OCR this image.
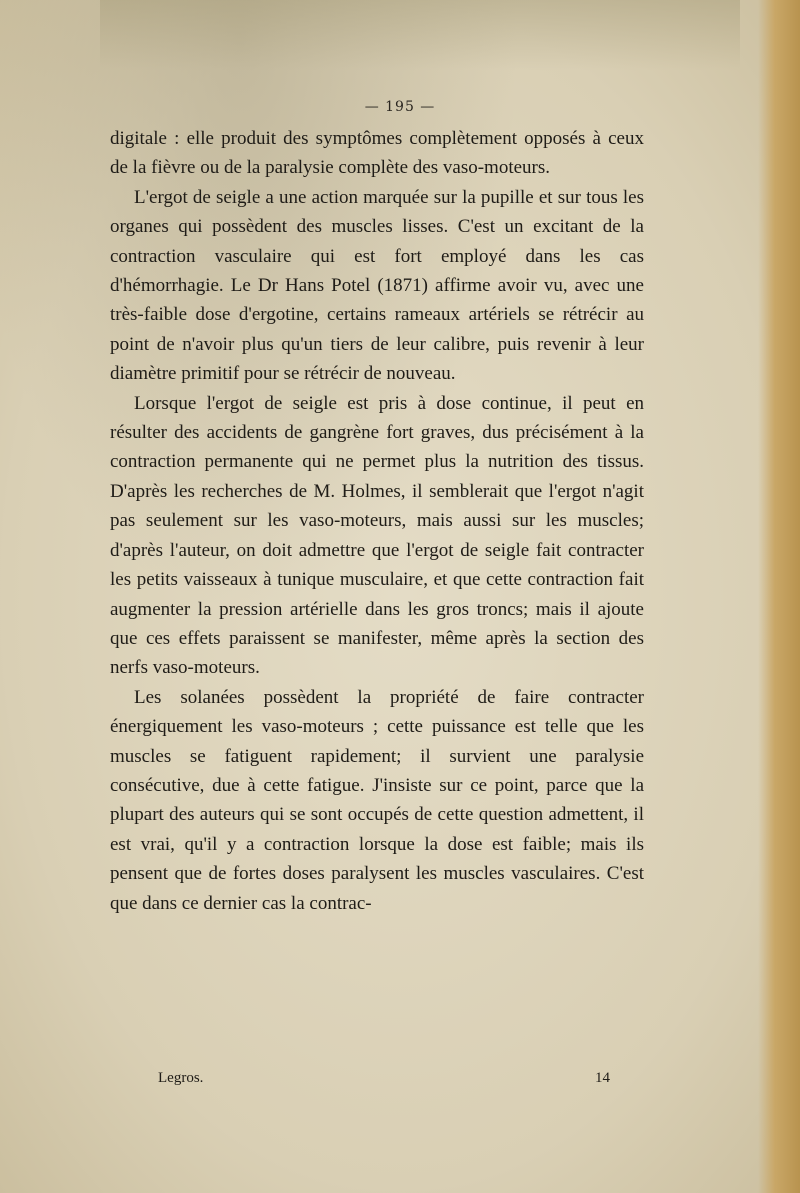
— 195 —

digitale : elle produit des symptômes complètement opposés à ceux de la fièvre ou de la paralysie complète des vaso-moteurs.

L'ergot de seigle a une action marquée sur la pupille et sur tous les organes qui possèdent des muscles lisses. C'est un excitant de la contraction vasculaire qui est fort employé dans les cas d'hémorrhagie. Le Dr Hans Potel (1871) affirme avoir vu, avec une très-faible dose d'ergotine, certains rameaux artériels se rétrécir au point de n'avoir plus qu'un tiers de leur calibre, puis revenir à leur diamètre primitif pour se rétrécir de nouveau.

Lorsque l'ergot de seigle est pris à dose continue, il peut en résulter des accidents de gangrène fort graves, dus précisément à la contraction permanente qui ne permet plus la nutrition des tissus. D'après les recherches de M. Holmes, il semblerait que l'ergot n'agit pas seulement sur les vaso-moteurs, mais aussi sur les muscles; d'après l'auteur, on doit admettre que l'ergot de seigle fait contracter les petits vaisseaux à tunique musculaire, et que cette contraction fait augmenter la pression artérielle dans les gros troncs; mais il ajoute que ces effets paraissent se manifester, même après la section des nerfs vaso-moteurs.

Les solanées possèdent la propriété de faire contracter énergiquement les vaso-moteurs ; cette puissance est telle que les muscles se fatiguent rapidement; il survient une paralysie consécutive, due à cette fatigue. J'insiste sur ce point, parce que la plupart des auteurs qui se sont occupés de cette question admettent, il est vrai, qu'il y a contraction lorsque la dose est faible; mais ils pensent que de fortes doses paralysent les muscles vasculaires. C'est que dans ce dernier cas la contrac-

Legros.	14
